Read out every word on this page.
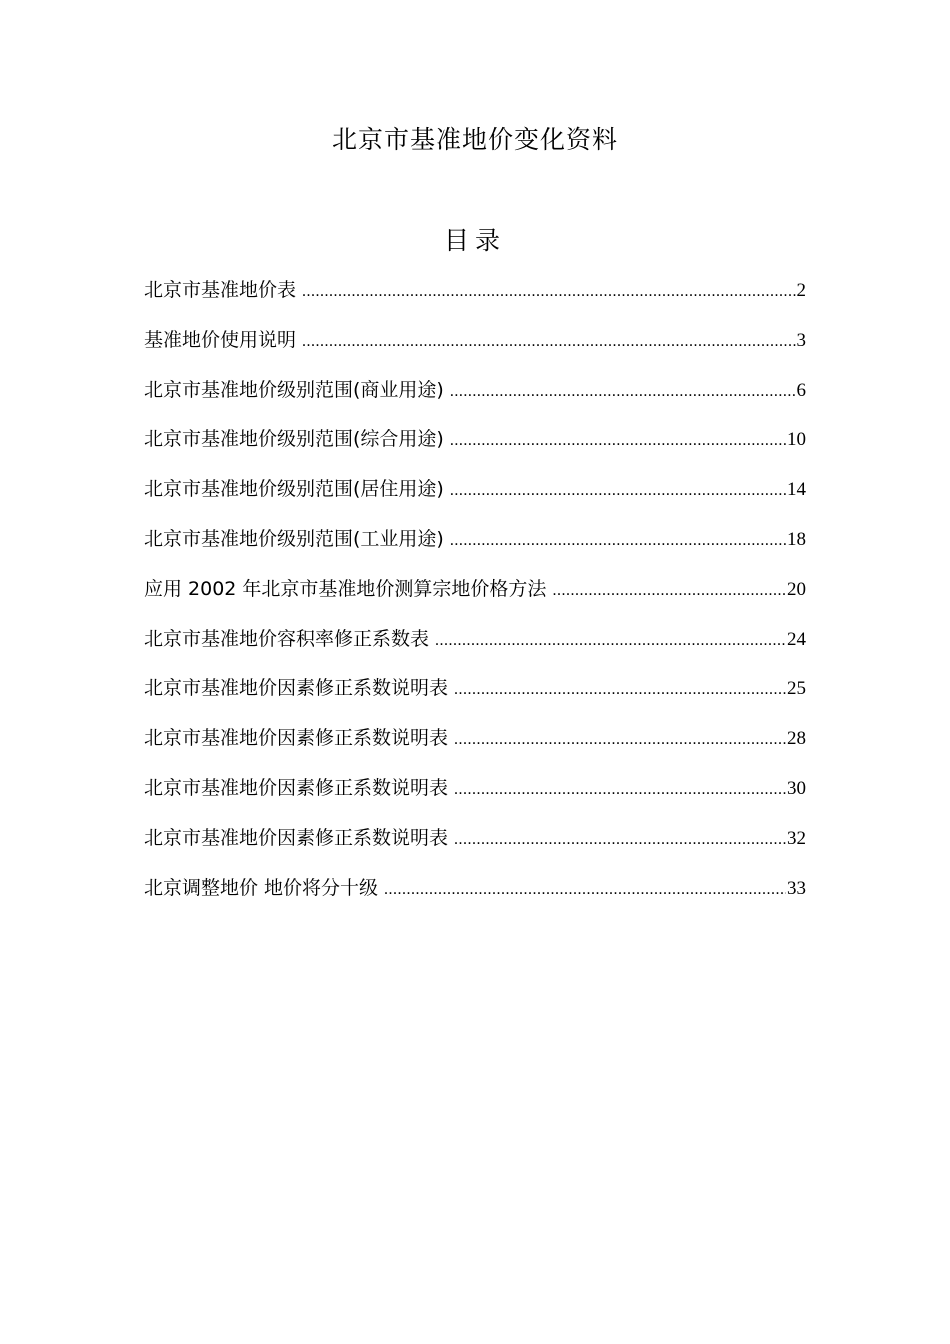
北京市基准地价变化资料
目录
北京市基准地价表 .....	2
基准地价使用说明 .....	3
北京市基准地价级别范围(商业用途) .....	6
北京市基准地价级别范围(综合用途) .....	10
北京市基准地价级别范围(居住用途) .....	14
北京市基准地价级别范围(工业用途) .....	18
应用 2002 年北京市基准地价测算宗地价格方法 .....	20
北京市基准地价容积率修正系数表 .....	24
北京市基准地价因素修正系数说明表 .....	25
北京市基准地价因素修正系数说明表 .....	28
北京市基准地价因素修正系数说明表 .....	30
北京市基准地价因素修正系数说明表 .....	32
北京调整地价 地价将分十级 .....	33
